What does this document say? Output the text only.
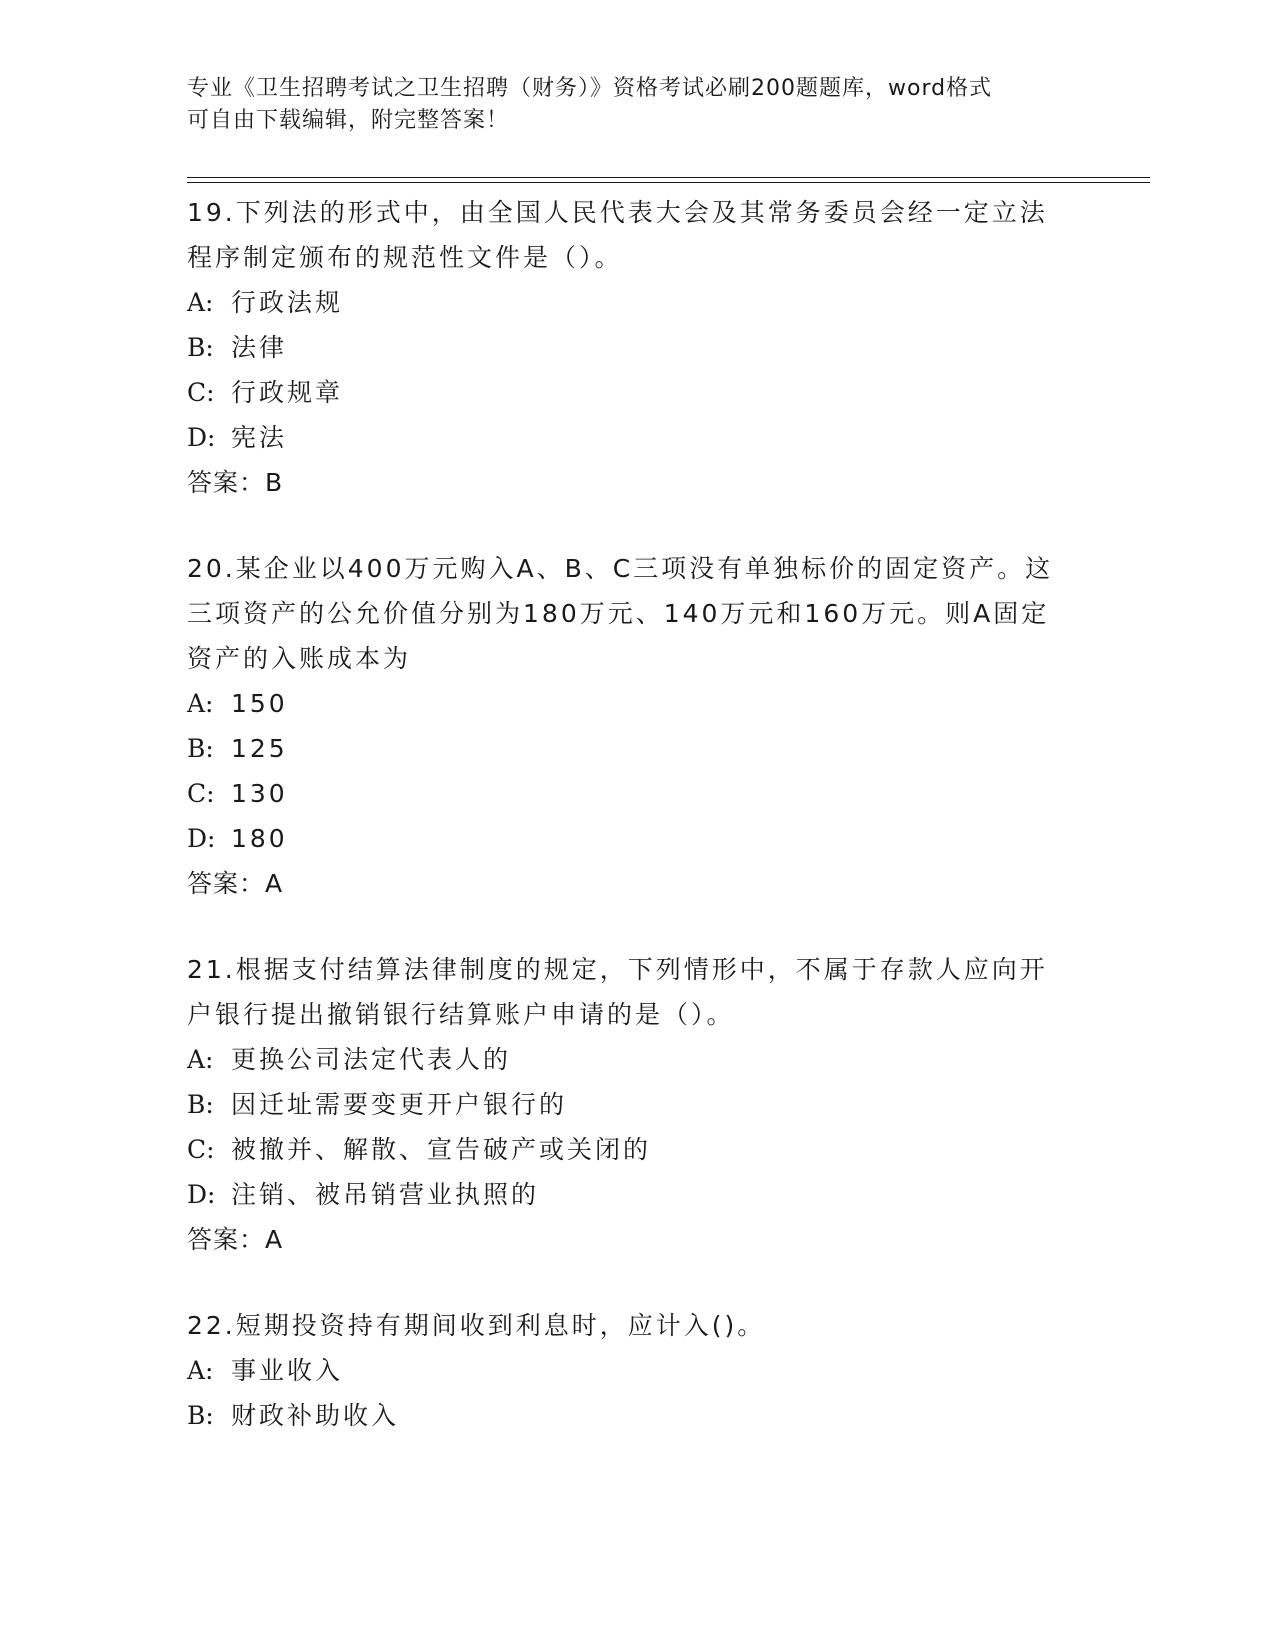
专业《卫生招聘考试之卫生招聘（财务）》资格考试必刷200题题库，word格式
可自由下载编辑，附完整答案！
19.下列法的形式中，由全国人民代表大会及其常务委员会经一定立法
程序制定颁布的规范性文件是（）。
A: 行政法规
B: 法律
C: 行政规章
D: 宪法
答案：B
20.某企业以400万元购入A、B、C三项没有单独标价的固定资产。这
三项资产的公允价值分别为180万元、140万元和160万元。则A固定
资产的入账成本为
A: 150
B: 125
C: 130
D: 180
答案：A
21.根据支付结算法律制度的规定，下列情形中，不属于存款人应向开
户银行提出撤销银行结算账户申请的是（）。
A: 更换公司法定代表人的
B: 因迁址需要变更开户银行的
C: 被撤并、解散、宣告破产或关闭的
D: 注销、被吊销营业执照的
答案：A
22.短期投资持有期间收到利息时，应计入()。
A: 事业收入
B: 财政补助收入
